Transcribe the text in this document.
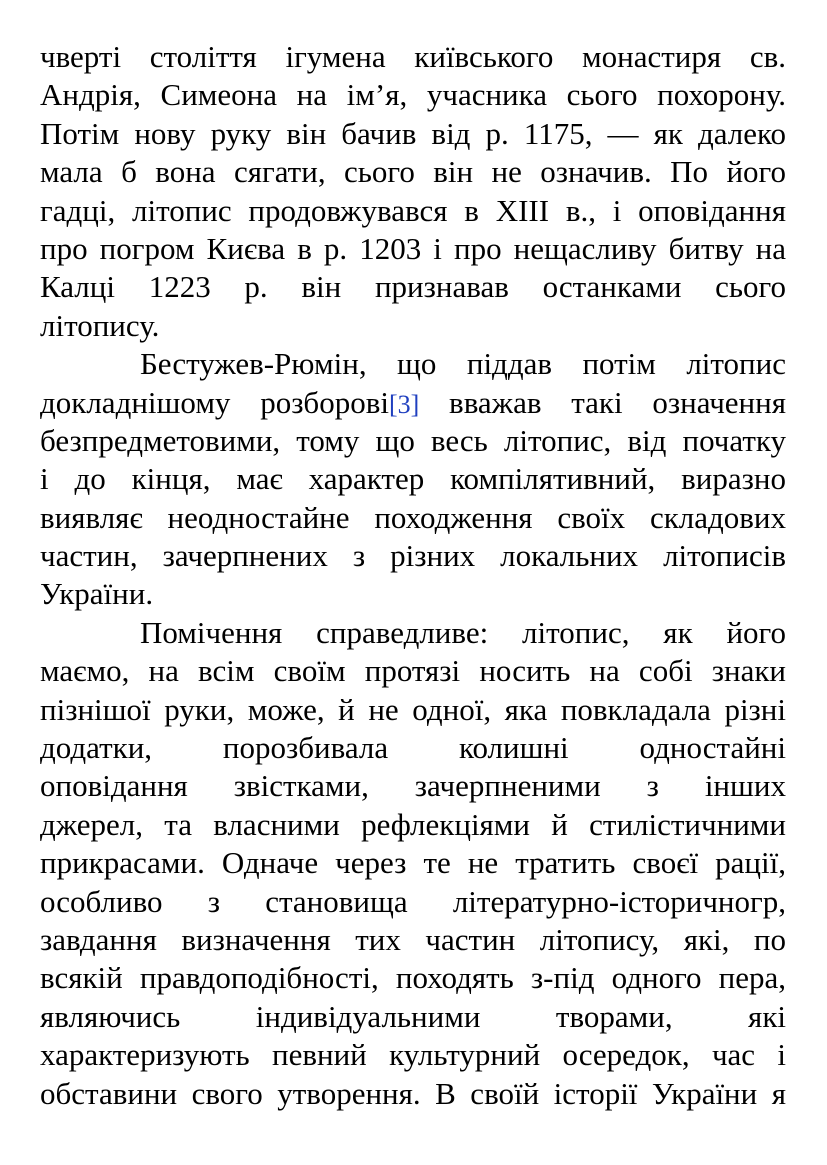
чверті століття ігумена київського монастиря св.
Андрія, Симеона на ім’я, учасника сього похорону.
Потім нову руку він бачив від р. 1175, — як далеко
мала б вона сягати, сього він не означив. По його
гадці, літопис продовжувався в XIII в., і оповідання
про погром Києва в р. 1203 і про нещасливу битву на
Калці 1223 р. він признавав останками сього
літопису.
Бестужев-Рюмін, що піддав потім літопис
докладнішому розборові[3] вважав такі означення
безпредметовими, тому що весь літопис, від початку
і до кінця, має характер компілятивний, виразно
виявляє неодностайне походження своїх складових
частин, зачерпнених з різних локальних літописів
України.
Помічення справедливе: літопис, як його
маємо, на всім своїм протязі носить на собі знаки
пізнішої руки, може, й не одної, яка повкладала різні
додатки, порозбивала колишні одностайні
оповідання звістками, зачерпненими з інших
джерел, та власними рефлекціями й стилістичними
прикрасами. Одначе через те не тратить своєї рації,
особливо з становища літературно-історичногр,
завдання визначення тих частин літопису, які, по
всякій правдоподібності, походять з-під одного пера,
являючись індивідуальними творами, які
характеризують певний культурний осередок, час і
обставини свого утворення. В своїй історії України я
